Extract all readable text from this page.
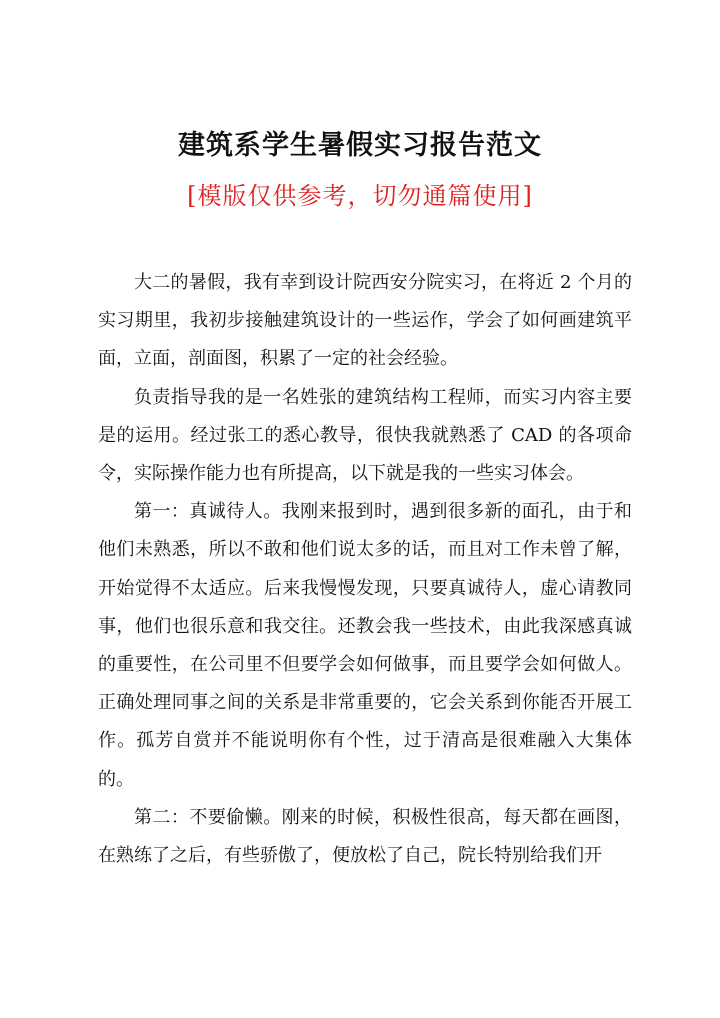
建筑系学生暑假实习报告范文
[模版仅供参考，切勿通篇使用]

大二的暑假，我有幸到设计院西安分院实习，在将近 2 个月的实习期里，我初步接触建筑设计的一些运作，学会了如何画建筑平面，立面，剖面图，积累了一定的社会经验。

负责指导我的是一名姓张的建筑结构工程师，而实习内容主要是的运用。经过张工的悉心教导，很快我就熟悉了 CAD 的各项命令，实际操作能力也有所提高，以下就是我的一些实习体会。

第一：真诚待人。我刚来报到时，遇到很多新的面孔，由于和他们未熟悉，所以不敢和他们说太多的话，而且对工作未曾了解，开始觉得不太适应。后来我慢慢发现，只要真诚待人，虚心请教同事，他们也很乐意和我交往。还教会我一些技术，由此我深感真诚的重要性，在公司里不但要学会如何做事，而且要学会如何做人。正确处理同事之间的关系是非常重要的，它会关系到你能否开展工作。孤芳自赏并不能说明你有个性，过于清高是很难融入大集体的。

第二：不要偷懒。刚来的时候，积极性很高，每天都在画图，在熟练了之后，有些骄傲了，便放松了自己，院长特别给我们开
